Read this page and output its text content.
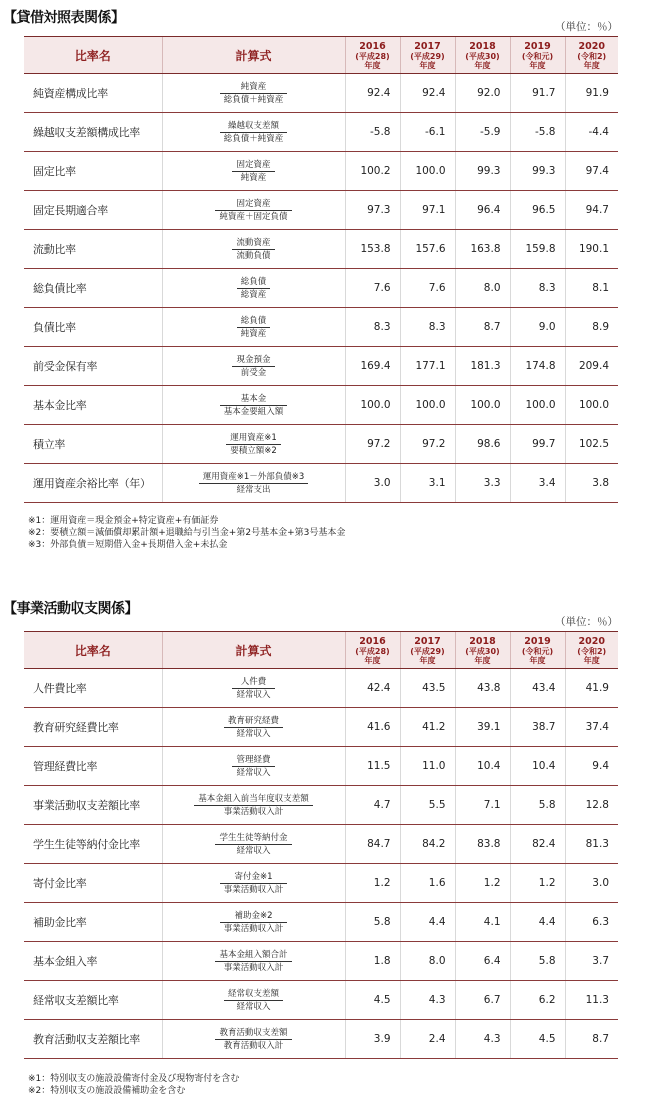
【貸借対照表関係】
（単位：％）
比率名	計算式	2016
(平成28)
年度	2017
(平成29)
年度	2018
(平成30)
年度	2019
(令和元)
年度	2020
(令和2)
年度

純資産構成比率	$\frac{\text{純資産}}{\text{総負債＋純資産}}$	92.4	92.4	92.0	91.7	91.9
繰越収支差額構成比率	$\frac{\text{繰越収支差額}}{\text{総負債＋純資産}}$	-5.8	-6.1	-5.9	-5.8	-4.4
固定比率	$\frac{\text{固定資産}}{\text{純資産}}$	100.2	100.0	99.3	99.3	97.4
固定長期適合率	$\frac{\text{固定資産}}{\text{純資産＋固定負債}}$	97.3	97.1	96.4	96.5	94.7
流動比率	$\frac{\text{流動資産}}{\text{流動負債}}$	153.8	157.6	163.8	159.8	190.1
総負債比率	$\frac{\text{総負債}}{\text{総資産}}$	7.6	7.6	8.0	8.3	8.1
負債比率	$\frac{\text{総負債}}{\text{純資産}}$	8.3	8.3	8.7	9.0	8.9
前受金保有率	$\frac{\text{現金預金}}{\text{前受金}}$	169.4	177.1	181.3	174.8	209.4
基本金比率	$\frac{\text{基本金}}{\text{基本金要組入額}}$	100.0	100.0	100.0	100.0	100.0
積立率	$\frac{\text{運用資産※1}}{\text{要積立額※2}}$	97.2	97.2	98.6	99.7	102.5
運用資産余裕比率（年）	$\frac{\text{運用資産※1－外部負債※3}}{\text{経常支出}}$	3.0	3.1	3.3	3.4	3.8
※1：運用資産＝現金預金+特定資産+有価証券
※2：要積立額＝減価償却累計額+退職給与引当金+第2号基本金+第3号基本金
※3：外部負債＝短期借入金+長期借入金+未払金
【事業活動収支関係】
（単位：％）
比率名	計算式	2016
(平成28)
年度	2017
(平成29)
年度	2018
(平成30)
年度	2019
(令和元)
年度	2020
(令和2)
年度

人件費比率	$\frac{\text{人件費}}{\text{経常収入}}$	42.4	43.5	43.8	43.4	41.9
教育研究経費比率	$\frac{\text{教育研究経費}}{\text{経常収入}}$	41.6	41.2	39.1	38.7	37.4
管理経費比率	$\frac{\text{管理経費}}{\text{経常収入}}$	11.5	11.0	10.4	10.4	9.4
事業活動収支差額比率	$\frac{\text{基本金組入前当年度収支差額}}{\text{事業活動収入計}}$	4.7	5.5	7.1	5.8	12.8
学生生徒等納付金比率	$\frac{\text{学生生徒等納付金}}{\text{経常収入}}$	84.7	84.2	83.8	82.4	81.3
寄付金比率	$\frac{\text{寄付金※1}}{\text{事業活動収入計}}$	1.2	1.6	1.2	1.2	3.0
補助金比率	$\frac{\text{補助金※2}}{\text{事業活動収入計}}$	5.8	4.4	4.1	4.4	6.3
基本金組入率	$\frac{\text{基本金組入額合計}}{\text{事業活動収入計}}$	1.8	8.0	6.4	5.8	3.7
経常収支差額比率	$\frac{\text{経常収支差額}}{\text{経常収入}}$	4.5	4.3	6.7	6.2	11.3
教育活動収支差額比率	$\frac{\text{教育活動収支差額}}{\text{教育活動収入計}}$	3.9	2.4	4.3	4.5	8.7
※1：特別収支の施設設備寄付金及び現物寄付を含む
※2：特別収支の施設設備補助金を含む
